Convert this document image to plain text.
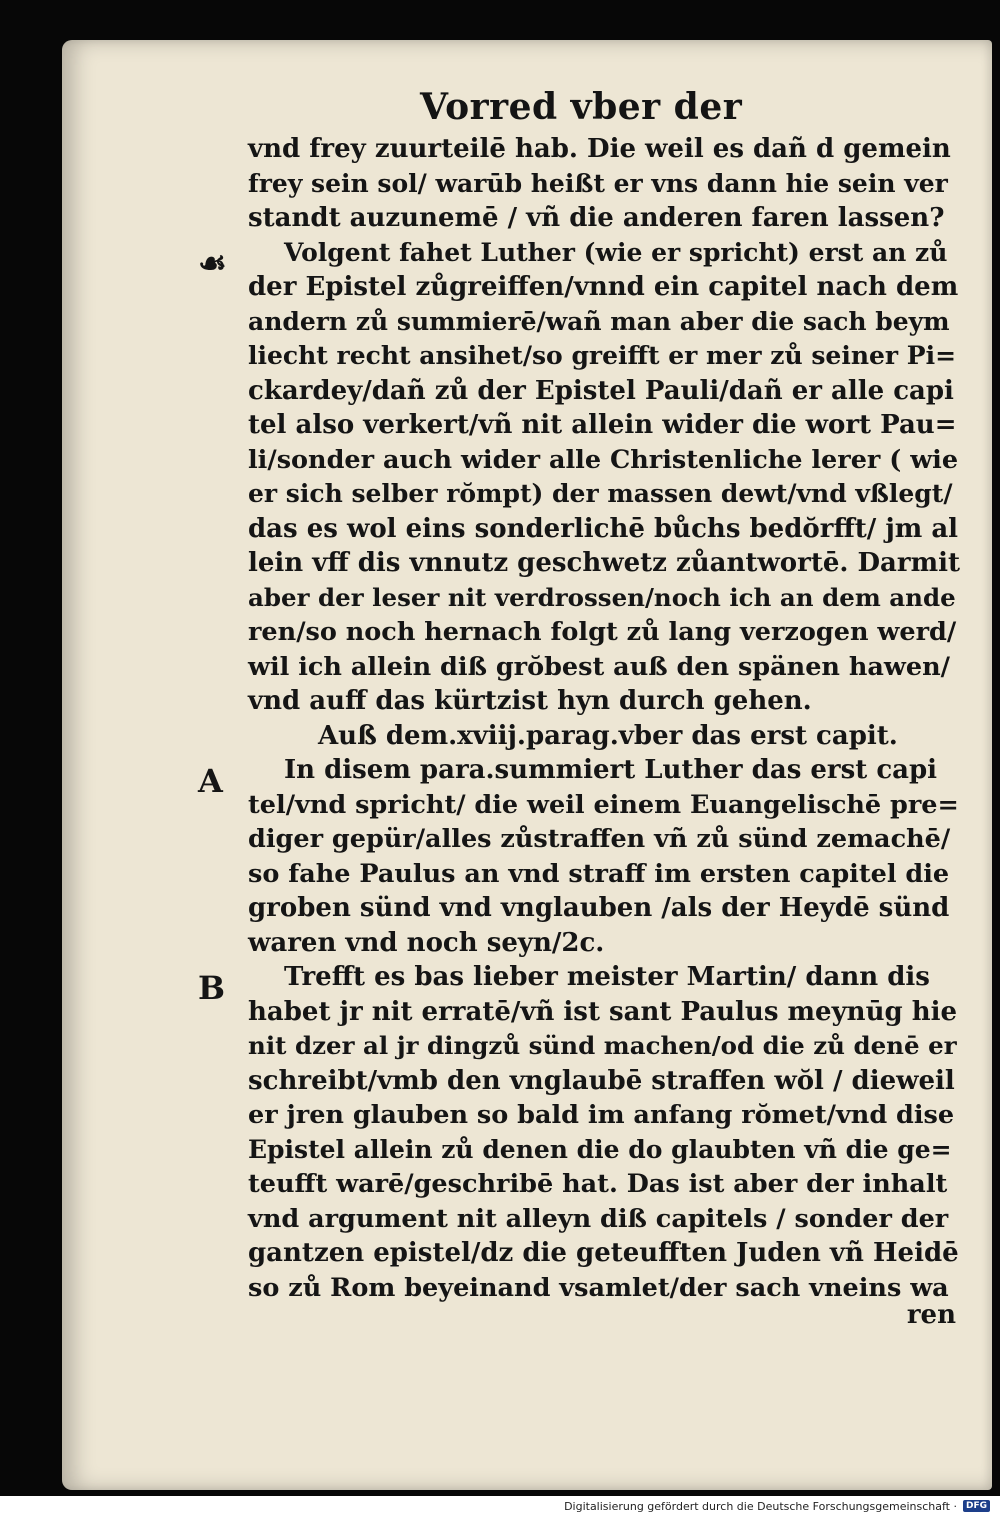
Vorred vber der
☙
A
B
vnd frey zuurteilē hab. Die weil es dañ d gemein
frey sein sol/ warūb heißt er vns dann hie sein ver
standt auzunemē / vñ die anderen faren lassen?
Volgent fahet Luther (wie er spricht) erst an zů
der Epistel zůgreiffen/vnnd ein capitel nach dem
andern zů summierē/wañ man aber die sach beym
liecht recht ansihet/so greifft er mer zů seiner Pi=
ckardey/dañ zů der Epistel Pauli/dañ er alle capi
tel also verkert/vñ nit allein wider die wort Pau=
li/sonder auch wider alle Christenliche lerer ( wie
er sich selber rŏmpt) der massen dewt/vnd vßlegt/
das es wol eins sonderlichē bůchs bedŏrfft/ jm al
lein vff dis vnnutz geschwetz zůantwortē. Darmit
aber der leser nit verdrossen/noch ich an dem ande
ren/so noch hernach folgt zů lang verzogen werd/
wil ich allein diß grŏbest auß den spänen hawen/
vnd auff das kürtzist hyn durch gehen.
Auß dem.xviij.parag.vber das erst capit.
In disem para.summiert Luther das erst capi
tel/vnd spricht/ die weil einem Euangelischē pre=
diger gepür/alles zůstraffen vñ zů sünd zemachē/
so fahe Paulus an vnd straff im ersten capitel die
groben sünd vnd vnglauben /als der Heydē sünd
waren vnd noch seyn/2c.
Trefft es bas lieber meister Martin/ dann dis
habet jr nit erratē/vñ ist sant Paulus meynūg hie
nit dzer al jr dingzů sünd machen/od die zů denē er
schreibt/vmb den vnglaubē straffen wŏl / dieweil
er jren glauben so bald im anfang rŏmet/vnd dise
Epistel allein zů denen die do glaubten vñ die ge=
teufft warē/geschribē hat. Das ist aber der inhalt
vnd argument nit alleyn diß capitels / sonder der
gantzen epistel/dz die geteufften Juden vñ Heidē
so zů Rom beyeinand vsamlet/der sach vneins wa
ren
Digitalisierung gefördert durch die Deutsche Forschungsgemeinschaft ·	DFG
